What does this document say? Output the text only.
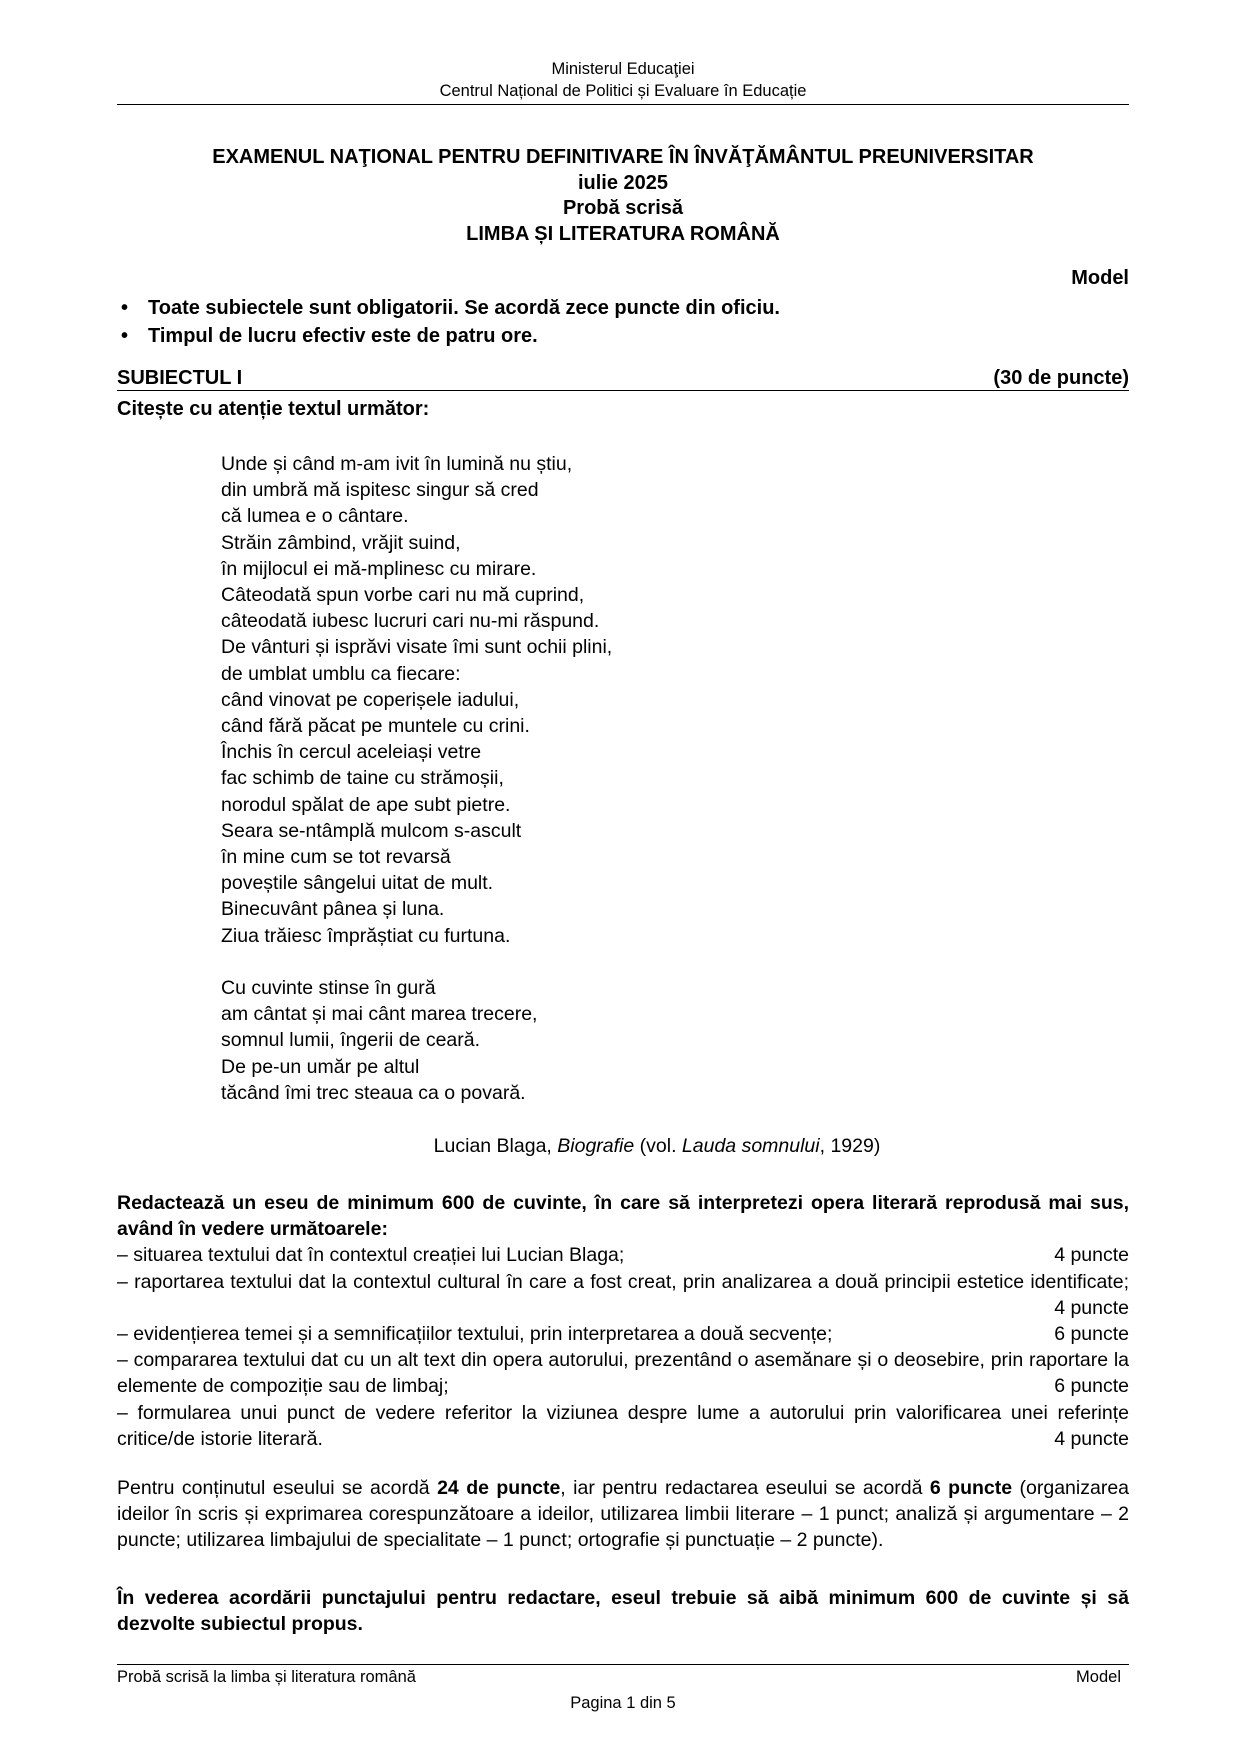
Ministerul Educaţiei
Centrul Național de Politici și Evaluare în Educație
EXAMENUL NAŢIONAL PENTRU DEFINITIVARE ÎN ÎNVĂŢĂMÂNTUL PREUNIVERSITAR
iulie 2025
Probă scrisă
LIMBA ȘI LITERATURA ROMÂNĂ
Model
• Toate subiectele sunt obligatorii. Se acordă zece puncte din oficiu.
• Timpul de lucru efectiv este de patru ore.
SUBIECTUL I	(30 de puncte)
Citește cu atenție textul următor:
Unde și când m-am ivit în lumină nu știu,
din umbră mă ispitesc singur să cred
că lumea e o cântare.
Străin zâmbind, vrăjit suind,
în mijlocul ei mă-mplinesc cu mirare.
Câteodată spun vorbe cari nu mă cuprind,
câteodată iubesc lucruri cari nu-mi răspund.
De vânturi și isprăvi visate îmi sunt ochii plini,
de umblat umblu ca fiecare:
când vinovat pe coperișele iadului,
când fără păcat pe muntele cu crini.
Închis în cercul aceleiași vetre
fac schimb de taine cu strămoșii,
norodul spălat de ape subt pietre.
Seara se-ntâmplă mulcom s-ascult
în mine cum se tot revarsă
poveștile sângelui uitat de mult.
Binecuvânt pânea și luna.
Ziua trăiesc împrăștiat cu furtuna.
Cu cuvinte stinse în gură
am cântat și mai cânt marea trecere,
somnul lumii, îngerii de ceară.
De pe-un umăr pe altul
tăcând îmi trec steaua ca o povară.
Lucian Blaga, Biografie (vol. Lauda somnului, 1929)

Redactează un eseu de minimum 600 de cuvinte, în care să interpretezi opera literară reprodusă mai sus, având în vedere următoarele:

– situarea textului dat în contextul creației lui Lucian Blaga;	4 puncte
– raportarea textului dat la contextul cultural în care a fost creat, prin analizarea a două principii estetice identificate;
4 puncte
– evidențierea temei și a semnificațiilor textului, prin interpretarea a două secvențe;	6 puncte
– compararea textului dat cu un alt text din opera autorului, prezentând o asemănare și o deosebire, prin raportare la elemente de compoziție sau de limbaj;	6 puncte
– formularea unui punct de vedere referitor la viziunea despre lume a autorului prin valorificarea unei referințe critice/de istorie literară.	4 puncte
Pentru conținutul eseului se acordă 24 de puncte, iar pentru redactarea eseului se acordă 6 puncte (organizarea ideilor în scris și exprimarea corespunzătoare a ideilor, utilizarea limbii literare – 1 punct; analiză și argumentare – 2 puncte; utilizarea limbajului de specialitate – 1 punct; ortografie și punctuație – 2 puncte).
În vederea acordării punctajului pentru redactare, eseul trebuie să aibă minimum 600 de cuvinte și să dezvolte subiectul propus.
Probă scrisă la limba și literatura română	Model
Pagina 1 din 5
